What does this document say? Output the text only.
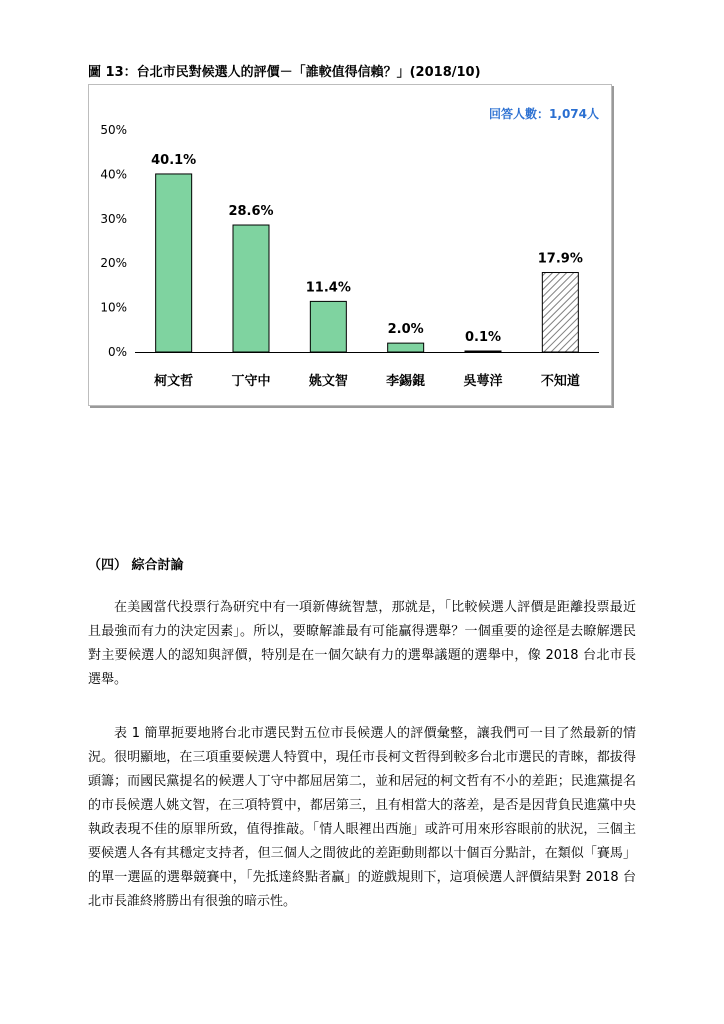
圖 13：台北市民對候選人的評價－「誰較值得信賴？」(2018/10)
回答人數：1,074人
0%
10%
20%
30%
40%
50%
40.1%
柯文哲
28.6%
丁守中
11.4%
姚文智
2.0%
李錫錕
0.1%
吳萼洋
17.9%
不知道
（四） 綜合討論

在美國當代投票行為研究中有一項新傳統智慧，那就是，「比較候選人評價是距離投票最近且最強而有力的決定因素」。所以，要瞭解誰最有可能贏得選舉？一個重要的途徑是去瞭解選民對主要候選人的認知與評價，特別是在一個欠缺有力的選舉議題的選舉中，像 2018 台北市長選舉。

表 1 簡單扼要地將台北市選民對五位市長候選人的評價彙整，讓我們可一目了然最新的情況。很明顯地，在三項重要候選人特質中，現任市長柯文哲得到較多台北市選民的青睞，都拔得頭籌；而國民黨提名的候選人丁守中都屈居第二，並和居冠的柯文哲有不小的差距；民進黨提名的市長候選人姚文智，在三項特質中，都居第三，且有相當大的落差，是否是因背負民進黨中央執政表現不佳的原罪所致，值得推敲。「情人眼裡出西施」或許可用來形容眼前的狀況，三個主要候選人各有其穩定支持者，但三個人之間彼此的差距動則都以十個百分點計，在類似「賽馬」的單一選區的選舉競賽中，「先抵達終點者贏」的遊戲規則下，這項候選人評價結果對 2018 台北市長誰終將勝出有很強的暗示性。
